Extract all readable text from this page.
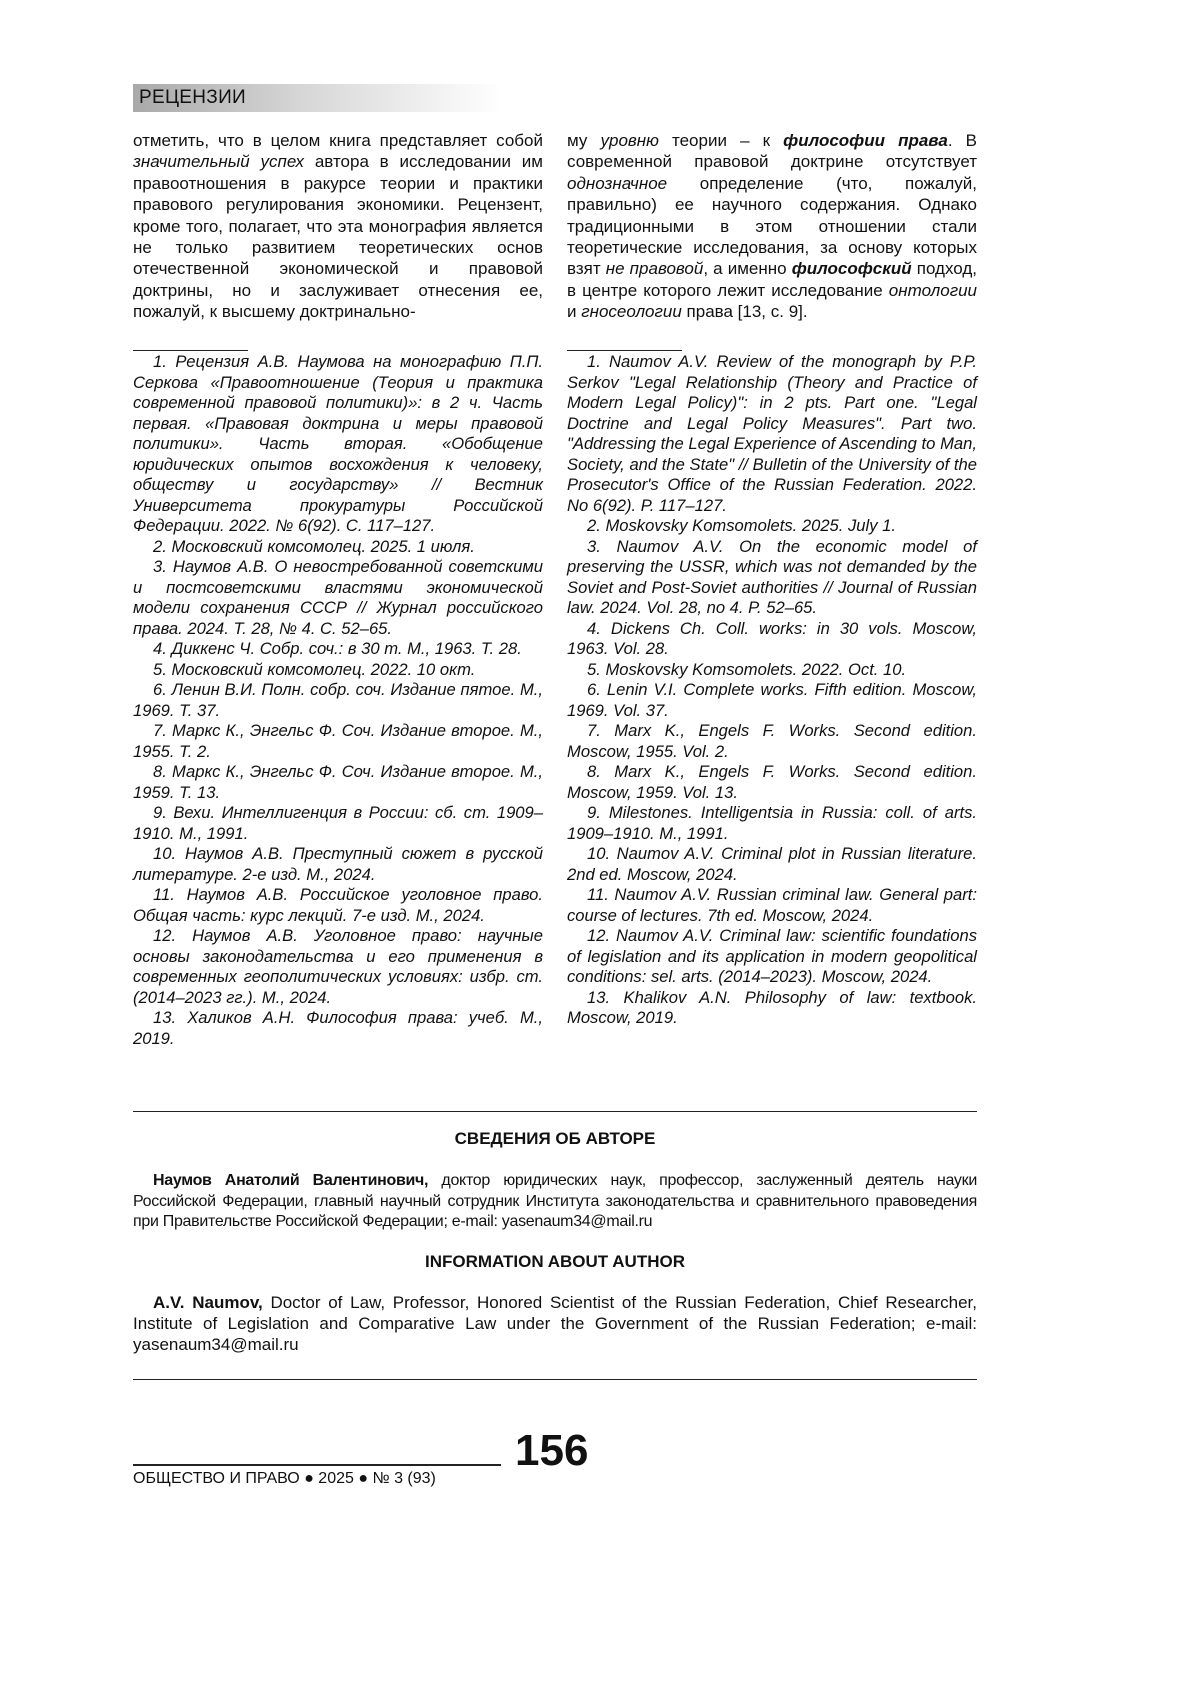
РЕЦЕНЗИИ
отметить, что в целом книга представляет собой значительный успех автора в исследовании им правоотношения в ракурсе теории и практики правового регулирования экономики. Рецензент, кроме того, полагает, что эта монография является не только развитием теоретических основ отечественной экономической и правовой доктрины, но и заслуживает отнесения ее, пожалуй, к высшему доктринально-
му уровню теории – к философии права. В современной правовой доктрине отсутствует однозначное определение (что, пожалуй, правильно) ее научного содержания. Однако традиционными в этом отношении стали теоретические исследования, за основу которых взят не правовой, а именно философский подход, в центре которого лежит исследование онтологии и гносеологии права [13, с. 9].

1. Рецензия А.В. Наумова на монографию П.П. Серкова «Правоотношение (Теория и практика современной правовой политики)»: в 2 ч. Часть первая. «Правовая доктрина и меры правовой политики». Часть вторая. «Обобщение юридических опытов восхождения к человеку, обществу и государству» // Вестник Университета прокуратуры Российской Федерации. 2022. № 6(92). С. 117–127.

2. Московский комсомолец. 2025. 1 июля.

3. Наумов А.В. О невостребованной советскими и постсоветскими властями экономической модели сохранения СССР // Журнал российского права. 2024. Т. 28, № 4. С. 52–65.

4. Диккенс Ч. Собр. соч.: в 30 т. М., 1963. Т. 28.

5. Московский комсомолец. 2022. 10 окт.

6. Ленин В.И. Полн. собр. соч. Издание пятое. М., 1969. Т. 37.

7. Маркс К., Энгельс Ф. Соч. Издание второе. М., 1955. Т. 2.

8. Маркс К., Энгельс Ф. Соч. Издание второе. М., 1959. Т. 13.

9. Вехи. Интеллигенция в России: сб. ст. 1909–1910. М., 1991.

10. Наумов А.В. Преступный сюжет в русской литературе. 2-е изд. М., 2024.

11. Наумов А.В. Российское уголовное право. Общая часть: курс лекций. 7-е изд. М., 2024.

12. Наумов А.В. Уголовное право: научные основы законодательства и его применения в современных геополитических условиях: избр. ст. (2014–2023 гг.). М., 2024.

13. Халиков А.Н. Философия права: учеб. М., 2019.

1. Naumov A.V. Review of the monograph by P.P. Serkov "Legal Relationship (Theory and Practice of Modern Legal Policy)": in 2 pts. Part one. "Legal Doctrine and Legal Policy Measures". Part two. "Addressing the Legal Experience of Ascending to Man, Society, and the State" // Bulletin of the University of the Prosecutor's Office of the Russian Federation. 2022. No 6(92). P. 117–127.

2. Moskovsky Komsomolets. 2025. July 1.

3. Naumov A.V. On the economic model of preserving the USSR, which was not demanded by the Soviet and Post-Soviet authorities // Journal of Russian law. 2024. Vol. 28, no 4. P. 52–65.

4. Dickens Ch. Coll. works: in 30 vols. Moscow, 1963. Vol. 28.

5. Moskovsky Komsomolets. 2022. Oct. 10.

6. Lenin V.I. Complete works. Fifth edition. Moscow, 1969. Vol. 37.

7. Marx K., Engels F. Works. Second edition. Moscow, 1955. Vol. 2.

8. Marx K., Engels F. Works. Second edition. Moscow, 1959. Vol. 13.

9. Milestones. Intelligentsia in Russia: coll. of arts. 1909–1910. M., 1991.

10. Naumov A.V. Criminal plot in Russian literature. 2nd ed. Moscow, 2024.

11. Naumov A.V. Russian criminal law. General part: course of lectures. 7th ed. Moscow, 2024.

12. Naumov A.V. Criminal law: scientific foundations of legislation and its application in modern geopolitical conditions: sel. arts. (2014–2023). Moscow, 2024.

13. Khalikov A.N. Philosophy of law: textbook. Moscow, 2019.

СВЕДЕНИЯ ОБ АВТОРЕ

Наумов Анатолий Валентинович, доктор юридических наук, профессор, заслуженный деятель науки Российской Федерации, главный научный сотрудник Института законодательства и сравнительного правоведения при Правительстве Российской Федерации; e-mail: yasenaum34@mail.ru

INFORMATION ABOUT AUTHOR

A.V. Naumov, Doctor of Law, Professor, Honored Scientist of the Russian Federation, Chief Researcher, Institute of Legislation and Comparative Law under the Government of the Russian Federation; e-mail: yasenaum34@mail.ru

156
ОБЩЕСТВО И ПРАВО ● 2025 ● № 3 (93)
